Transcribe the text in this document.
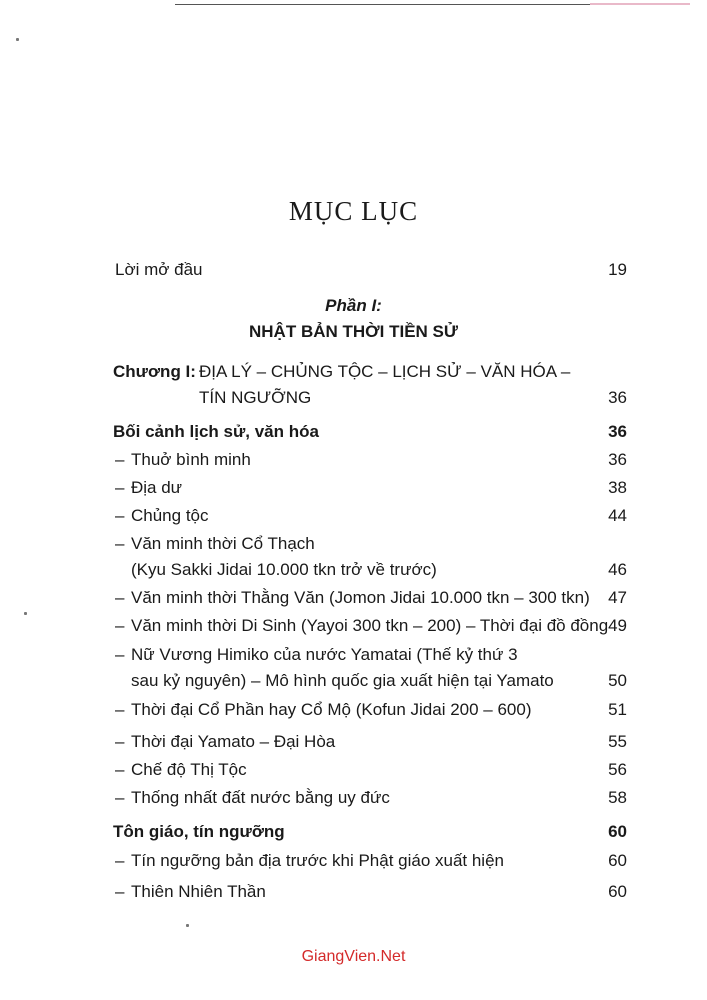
MỤC LỤC
Lời mở đầu	19
Phần I:
NHẬT BẢN THỜI TIỀN SỬ
Chương I: ĐỊA LÝ – CHỦNG TỘC – LỊCH SỬ – VĂN HÓA –
TÍN NGƯỠNG	36
Bối cảnh lịch sử, văn hóa	36
– Thuở bình minh	36
– Địa dư	38
– Chủng tộc	44
– Văn minh thời Cổ Thạch
(Kyu Sakki Jidai 10.000 tkn trở về trước)	46
– Văn minh thời Thằng Văn (Jomon Jidai 10.000 tkn – 300 tkn) 47
– Văn minh thời Di Sinh (Yayoi 300 tkn – 200) – Thời đại đồ đồng 49
– Nữ Vương Himiko của nước Yamatai (Thế kỷ thứ 3
sau kỷ nguyên) – Mô hình quốc gia xuất hiện tại Yamato	50
– Thời đại Cổ Phần hay Cổ Mộ (Kofun Jidai 200 – 600)	51
– Thời đại Yamato – Đại Hòa	55
– Chế độ Thị Tộc	56
– Thống nhất đất nước bằng uy đức	58
Tôn giáo, tín ngưỡng	60
– Tín ngưỡng bản địa trước khi Phật giáo xuất hiện	60
– Thiên Nhiên Thần	60
GiangVien.Net
